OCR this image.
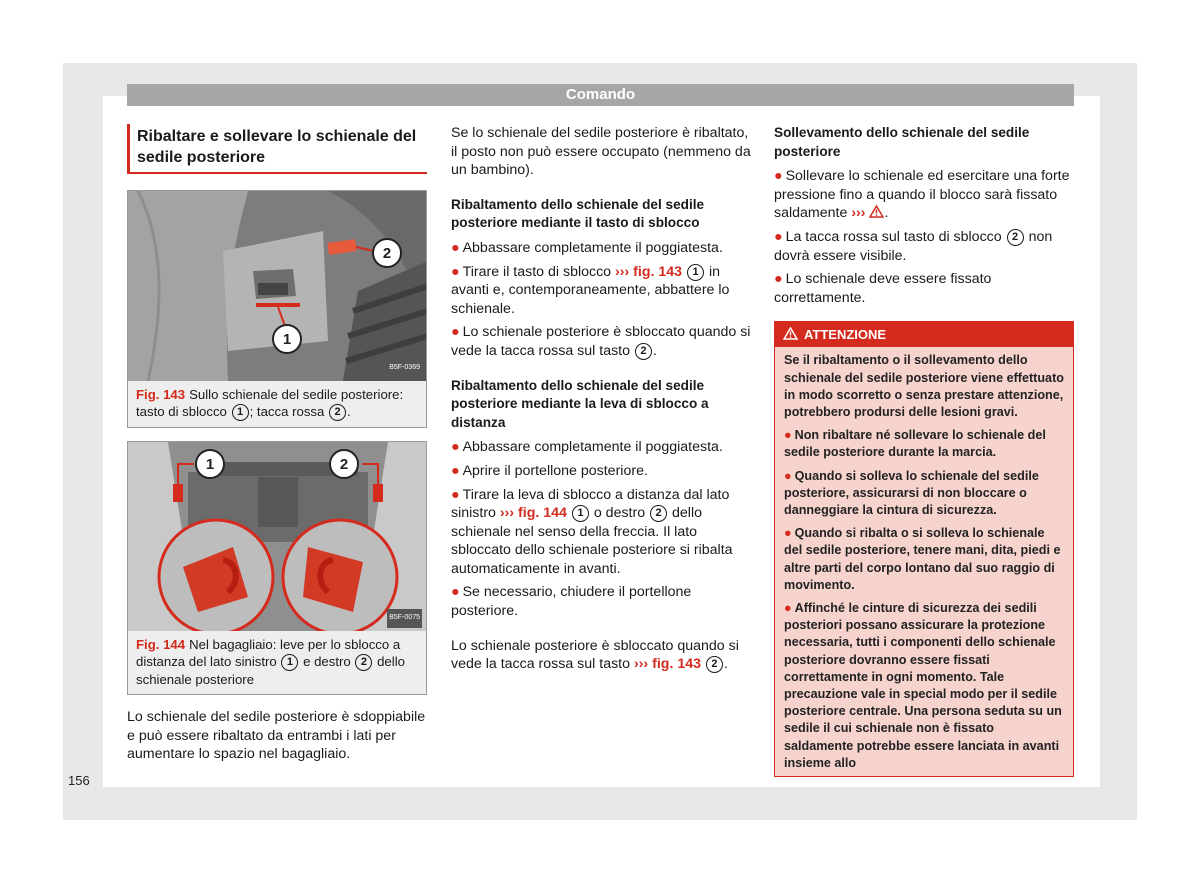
Comando
Ribaltare e sollevare lo schienale del sedile posteriore
1
2
B5F-0369
Fig. 143 Sullo schienale del sedile posteriore: tasto di sblocco 1 ; tacca rossa 2 .
1	2
B5F-0075
Fig. 144 Nel bagagliaio: leve per lo sblocco a distanza del lato sinistro 1 e destro 2 dello schienale posteriore

Lo schienale del sedile posteriore è sdoppiabile e può essere ribaltato da entrambi i lati per aumentare lo spazio nel bagagliaio.

Se lo schienale del sedile posteriore è ribaltato, il posto non può essere occupato (nemmeno da un bambino).

Ribaltamento dello schienale del sedile posteriore mediante il tasto di sblocco
● Abbassare completamente il poggiatesta.
● Tirare il tasto di sblocco ››› fig. 143 1 in avanti e, contemporaneamente, abbattere lo schienale.
● Lo schienale posteriore è sbloccato quando si vede la tacca rossa sul tasto 2 .
Ribaltamento dello schienale del sedile posteriore mediante la leva di sblocco a distanza
● Abbassare completamente il poggiatesta.
● Aprire il portellone posteriore.
● Tirare la leva di sblocco a distanza dal lato sinistro ››› fig. 144 1 o destro 2 dello schienale nel senso della freccia. Il lato sbloccato dello schienale posteriore si ribalta automaticamente in avanti.
● Se necessario, chiudere il portellone posteriore.

Lo schienale posteriore è sbloccato quando si vede la tacca rossa sul tasto ››› fig. 143 2 .

Sollevamento dello schienale del sedile posteriore
● Sollevare lo schienale ed esercitare una forte pressione fino a quando il blocco sarà fissato saldamente ››› .
● La tacca rossa sul tasto di sblocco 2 non dovrà essere visibile.
● Lo schienale deve essere fissato correttamente.
ATTENZIONE

Se il ribaltamento o il sollevamento dello schienale del sedile posteriore viene effettuato in modo scorretto o senza prestare attenzione, potrebbero prodursi delle lesioni gravi.

● Non ribaltare né sollevare lo schienale del sedile posteriore durante la marcia.
● Quando si solleva lo schienale del sedile posteriore, assicurarsi di non bloccare o danneggiare la cintura di sicurezza.
● Quando si ribalta o si solleva lo schienale del sedile posteriore, tenere mani, dita, piedi e altre parti del corpo lontano dal suo raggio di movimento.
● Affinché le cinture di sicurezza dei sedili posteriori possano assicurare la protezione necessaria, tutti i componenti dello schienale posteriore dovranno essere fissati correttamente in ogni momento. Tale precauzione vale in special modo per il sedile posteriore centrale. Una persona seduta su un sedile il cui schienale non è fissato saldamente potrebbe essere lanciata in avanti insieme allo
156
